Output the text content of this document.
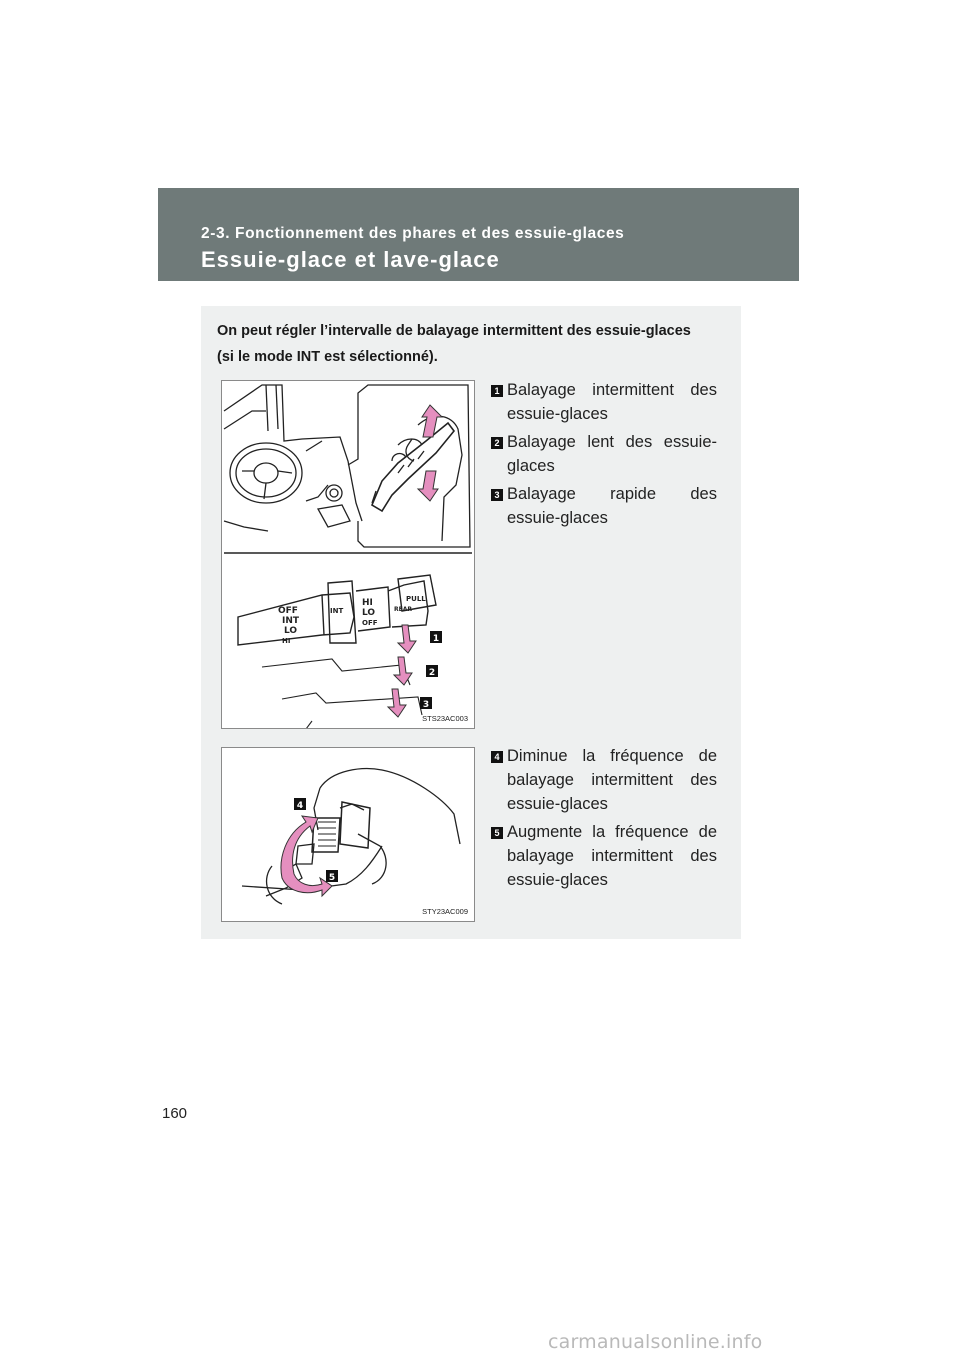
2-3. Fonctionnement des phares et des essuie-glaces
Essuie-glace et lave-glace
On peut régler l’intervalle de balayage intermittent des essuie-glaces
(si le mode INT est sélectionné).
OFF
INT
LO
HI
INT
HI
LO
OFF
REAR
PULL
1
2
3
STS23AC003
1 Balayage intermittent des
essuie-glaces
2 Balayage lent des essuie-
glaces
3 Balayage rapide des
essuie-glaces
4
5
STY23AC009
4 Diminue la fréquence de
balayage intermittent des
essuie-glaces
5 Augmente la fréquence de
balayage intermittent des
essuie-glaces
160
carmanualsonline.info
